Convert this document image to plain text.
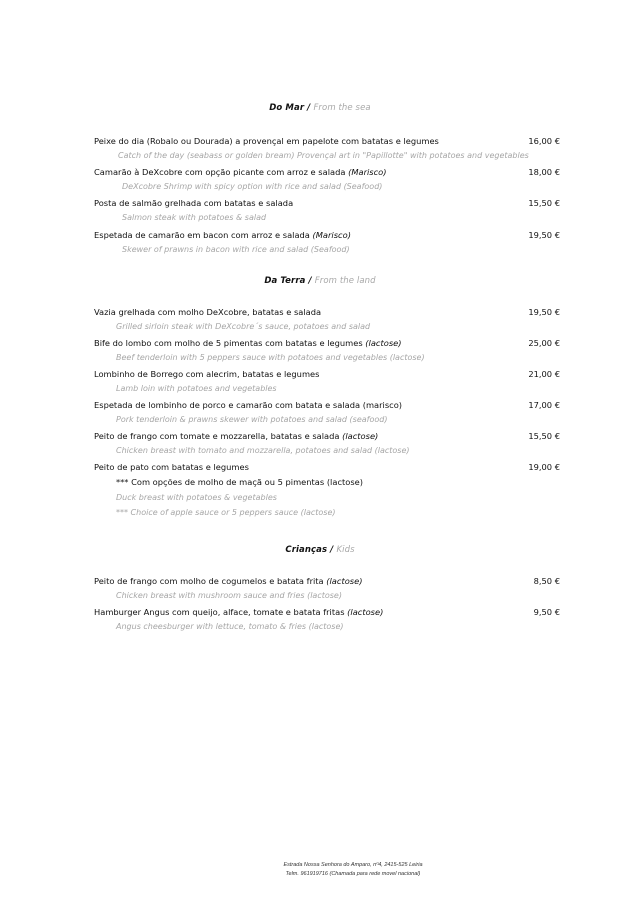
Do Mar / From the sea
Peixe do dia (Robalo ou Dourada) a provençal em papelote com batatas e legumes	16,00 €
Catch of the day (seabass or golden bream) Provençal art in "Papillotte" with potatoes and vegetables
Camarão à DeXcobre com opção picante com arroz e salada (Marisco)	18,00 €
DeXcobre Shrimp with spicy option with rice and salad (Seafood)
Posta de salmão grelhada com batatas e salada	15,50 €
Salmon steak with potatoes & salad
Espetada de camarão em bacon com arroz e salada (Marisco)	19,50 €
Skewer of prawns in bacon with rice and salad (Seafood)
Da Terra / From the land
Vazia grelhada com molho DeXcobre, batatas e salada	19,50 €
Grilled sirloin steak with DeXcobre´s sauce, potatoes and salad
Bife do lombo com molho de 5 pimentas com batatas e legumes (lactose)	25,00 €
Beef tenderloin with 5 peppers sauce with potatoes and vegetables (lactose)
Lombinho de Borrego com alecrim, batatas e legumes	21,00 €
Lamb loin with potatoes and vegetables
Espetada de lombinho de porco e camarão com batata e salada (marisco)	17,00 €
Pork tenderloin & prawns skewer with potatoes and salad (seafood)
Peito de frango com tomate e mozzarella, batatas e salada (lactose)	15,50 €
Chicken breast with tomato and mozzarella, potatoes and salad (lactose)
Peito de pato com batatas e legumes	19,00 €
*** Com opções de molho de maçã ou 5 pimentas (lactose)
Duck breast with potatoes & vegetables
*** Choice of apple sauce or 5 peppers sauce (lactose)
Crianças / Kids
Peito de frango com molho de cogumelos e batata frita (lactose)	8,50 €
Chicken breast with mushroom sauce and fries (lactose)
Hamburger Angus com queijo, alface, tomate e batata fritas (lactose)	9,50 €
Angus cheesburger with lettuce, tomato & fries (lactose)
Estrada Nossa Senhora do Amparo, nº4, 2415-525 Leiria
Telm. 961919716 (Chamada para rede movel nacional)
